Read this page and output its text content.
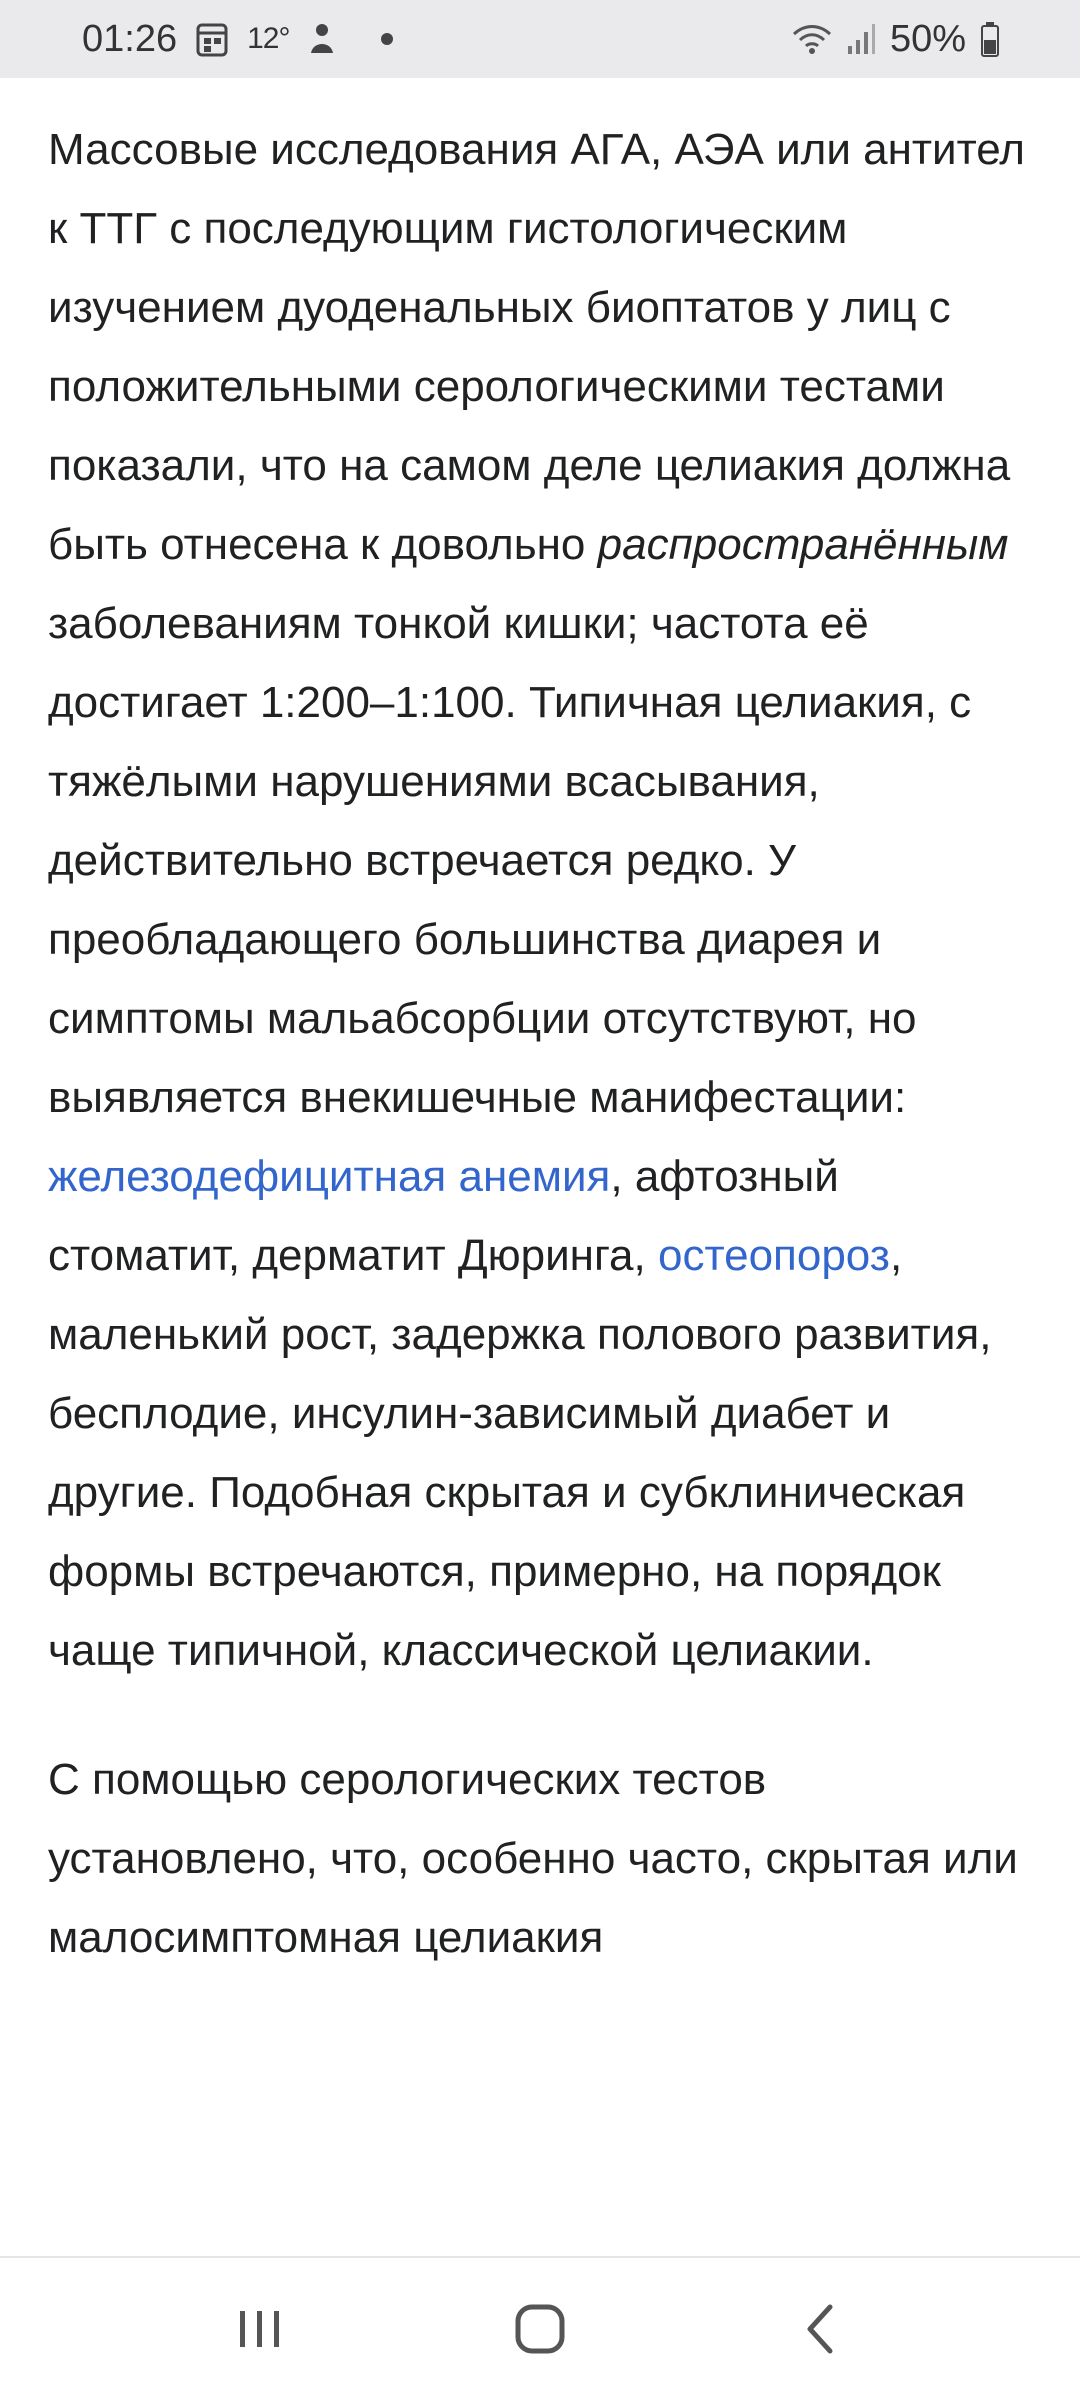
01:26 12°	50%

Массовые исследования АГА, АЭА или антител к ТТГ с последующим гистологическим изучением дуоденальных биоптатов у лиц с положительными серологическими тестами показали, что на самом деле целиакия должна быть отнесена к довольно распространённым заболеваниям тонкой кишки; частота её достигает 1:200–1:100. Типичная целиакия, с тяжёлыми нарушениями всасывания, действительно встречается редко. У преобладающего большинства диарея и симптомы мальабсорбции отсутствуют, но выявляется внекишечные манифестации: железодефицитная анемия, афтозный стоматит, дерматит Дюринга, остеопороз, маленький рост, задержка полового развития, бесплодие, инсулин-зависимый диабет и другие. Подобная скрытая и субклиническая формы встречаются, примерно, на порядок чаще типичной, классической целиакии.

С помощью серологических тестов установлено, что, особенно часто, скрытая или малосимптомная целиакия
